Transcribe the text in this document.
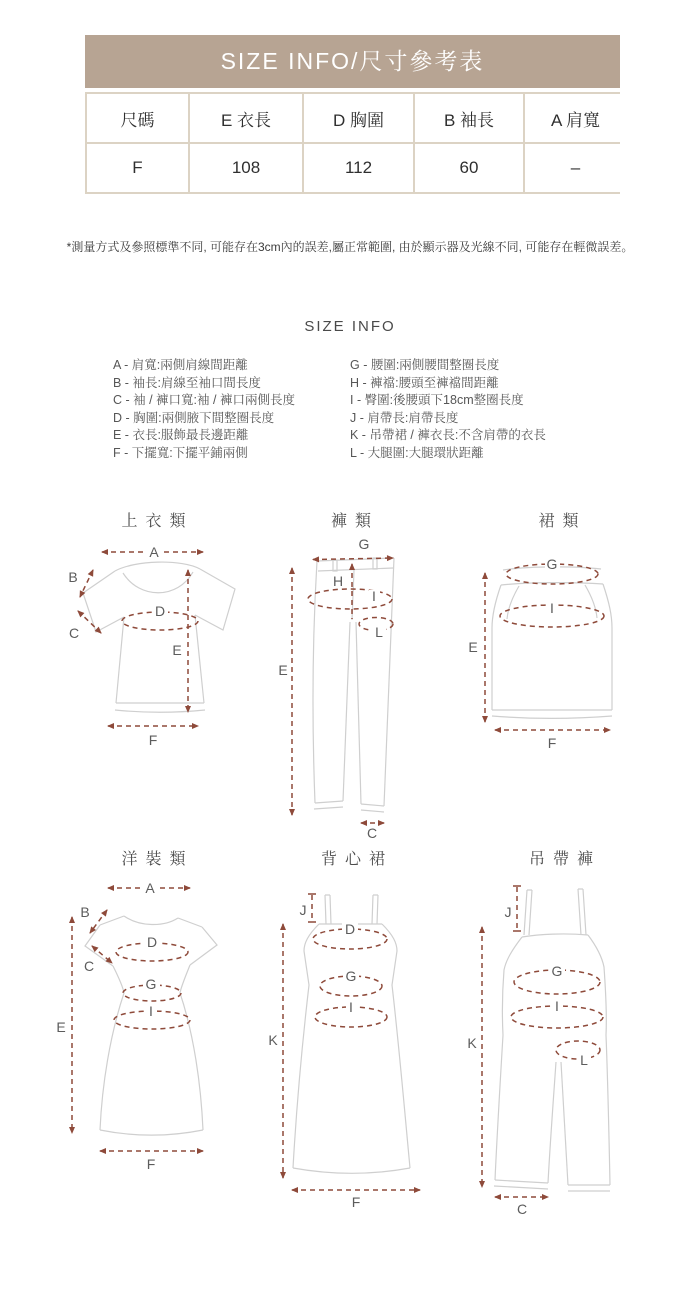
SIZE INFO/尺寸參考表
尺碼	E 衣長	D 胸圍	B 袖長	A 肩寬
F	108	112	60	–
*測量方式及參照標準不同, 可能存在3cm內的誤差,屬正常範圍, 由於顯示器及光線不同, 可能存在輕微誤差。
SIZE INFO
A - 肩寬:兩側肩線間距離
B - 袖長:肩線至袖口間長度
C - 袖 / 褲口寬:袖 / 褲口兩側長度
D - 胸圍:兩側腋下間整圈長度
E - 衣長:服飾最長邊距離
F - 下擺寬:下擺平鋪兩側
G - 腰圍:兩側腰間整圈長度
H - 褲襠:腰頭至褲襠間距離
I - 臀圍:後腰頭下18cm整圈長度
J - 肩帶長:肩帶長度
K - 吊帶裙 / 褲衣長:不含肩帶的衣長
L - 大腿圍:大腿環狀距離
上衣類	褲類	裙類
洋裝類	背心裙	吊帶褲
A
B
C
D
E
F
G
H
I
L
E
C
G
I
E
F
A
B
C
D
G
I
E
F
J
D
G
I
K
F
J
K
G
I
L
C
